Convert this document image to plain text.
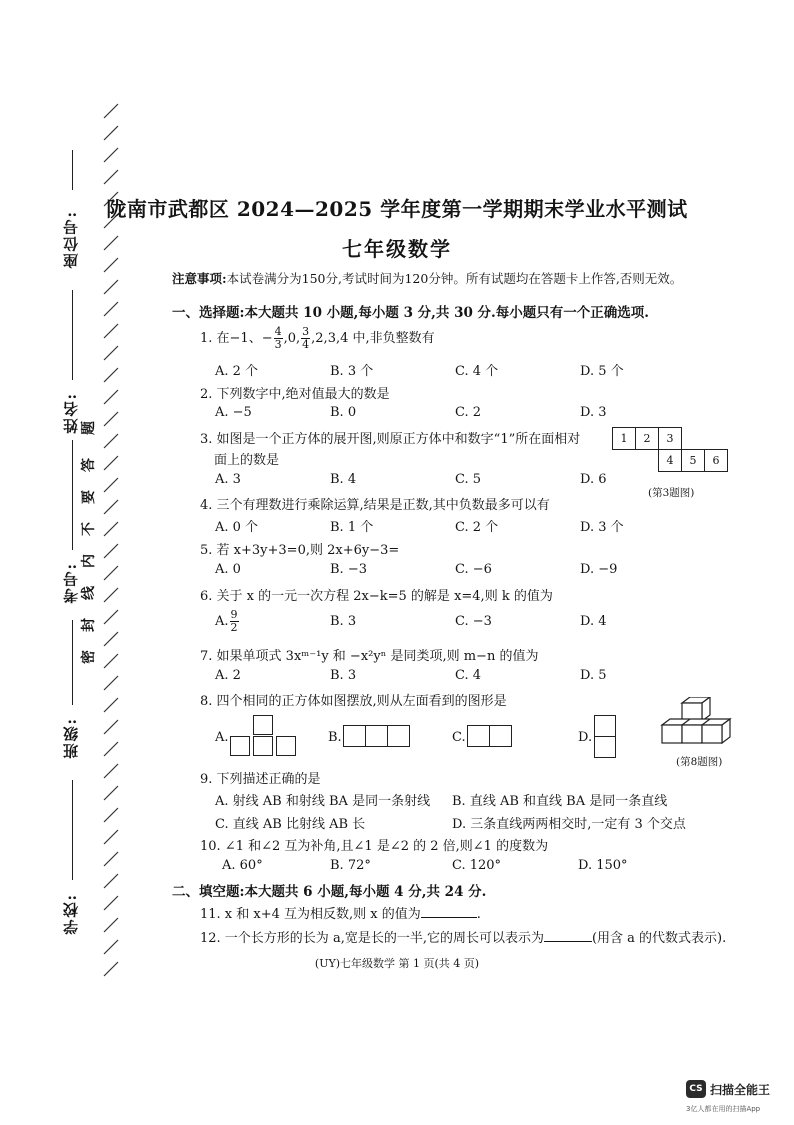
座位号:
姓名:
考号:
班级:
学校:
题
答
要
不
内
线
封
密
陇南市武都区 2024—2025 学年度第一学期期末学业水平测试
七年级数学
注意事项:本试卷满分为150分,考试时间为120分钟。所有试题均在答题卡上作答,否则无效。
一、选择题:本大题共 10 小题,每小题 3 分,共 30 分.每小题只有一个正确选项.
1. 在−1、− $\frac{4}{3} ,0$, $\frac{3}{4} ,2,3,4$ 中,非负整数有
A. 2 个	B. 3 个	C. 4 个	D. 5 个
2. 下列数字中,绝对值最大的数是
A. −5	B. 0	C. 2	D. 3
3. 如图是一个正方体的展开图,则原正方体中和数字“1”所在面相对
面上的数是
A. 3	B. 4	C. 5	D. 6
1	2	3
4	5	6
(第3题图)
4. 三个有理数进行乘除运算,结果是正数,其中负数最多可以有
A. 0 个	B. 1 个	C. 2 个	D. 3 个
5. 若 x+3y+3=0,则 2x+6y−3=
A. 0	B. −3	C. −6	D. −9
6. 关于 x 的一元一次方程 2x−k=5 的解是 x=4,则 k 的值为
A. $\frac{9}{2}$	B. 3	C. −3	D. 4
7. 如果单项式 3xᵐ⁻¹y 和 −x²yⁿ 是同类项,则 m−n 的值为
A. 2	B. 3	C. 4	D. 5
8. 四个相同的正方体如图摆放,则从左面看到的图形是
A.	B.	C.	D.
(第8题图)
9. 下列描述正确的是
A. 射线 AB 和射线 BA 是同一条射线 B. 直线 AB 和直线 BA 是同一条直线
C. 直线 AB 比射线 AB 长	D. 三条直线两两相交时,一定有 3 个交点
10. ∠1 和∠2 互为补角,且∠1 是∠2 的 2 倍,则∠1 的度数为
A. 60°	B. 72°	C. 120°	D. 150°
二、填空题:本大题共 6 小题,每小题 4 分,共 24 分.
11. x 和 x+4 互为相反数,则 x 的值为	.
12. 一个长方形的长为 a,宽是长的一半,它的周长可以表示为	(用含 a 的代数式表示).
(UY)七年级数学 第 1 页(共 4 页)
CS 扫描全能王
3亿人都在用的扫描App
